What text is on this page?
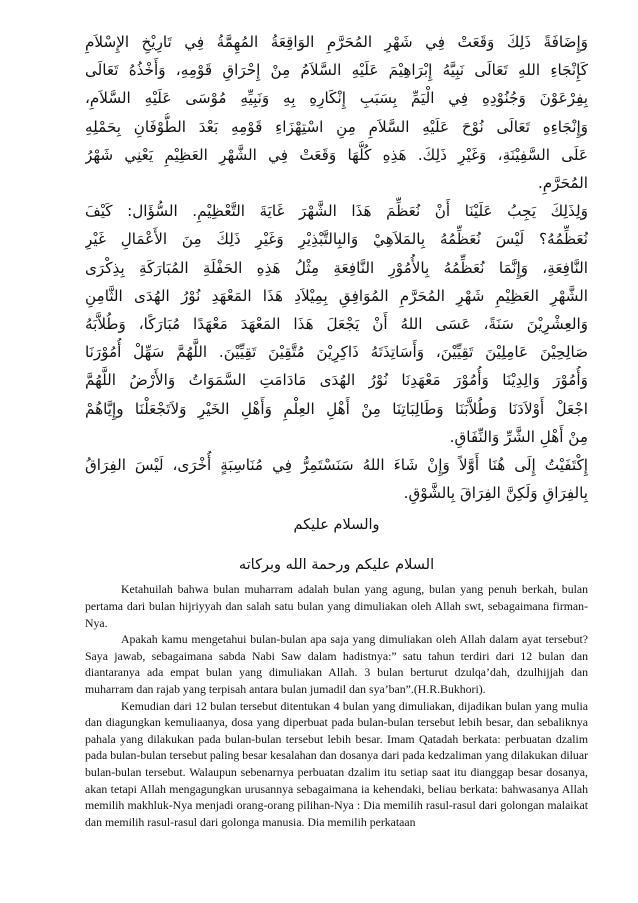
وَإِضَافَةً ذَلِكَ وَقَعَتْ فِي شَهْرِ المُحَرَّمِ الوَاقِعَةُ المُهِمَّةُ فِي تَارِيْخِ الإِسْلاَمِ
كَإِنْجَاءِ اللهِ تَعَالَى نَبِيَّهُ إِبْرَاهِيْمَ عَلَيْهِ السَّلاَمُ مِنْ إِحْرَاقِ قَوْمِهِ، وَأَخْذُهُ تَعَالَى
بِفِرْعَوْنَ وَجُنُوْدِهِ فِي الْيَمِّ بِسَبَبِ إِنْكَارِهِ بِهِ وَنَبِيِّهِ مُوْسَى عَلَيْهِ السَّلاَمِ،
وَإِنْجَاءِهِ تَعَالَى نُوْحَ عَلَيْهِ السَّلاَمِ مِنِ اسْتِهْزَاءِ قَوْمِهِ بَعْدَ الطُّوْفَانِ بِحَمْلِهِ
عَلَى السَّفِيْنَةِ، وَغَيْرِ ذَلِكَ. هَذِهِ كُلُّهَا وَقَعَتْ فِي الشَّهْرِ العَظِيْمِ يَعْنِي شَهْرُ
المُحَرَّمِ.
وَلِذَلِكَ يَجِبُ عَلَيْنَا أَنْ نُعَظِّمَ هَذَا الشَّهْرَ غَايَةَ التَّعْظِيْمِ. السُّؤَال: كَيْفَ
نُعَظِّمُهُ؟ لَيْسَ نُعَظِّمُهُ بِالمَلاَهِيْ وَالبِالتَّبْذِيْرِ وَغَيْرِ ذَلِكَ مِنَ الأَعْمَالِ غَيْرِ
النَّافِعَةِ، وَإِنَّمَا نُعَظِّمُهُ بِالأُمُوْرِ النَّافِعَةِ مِثْلُ هَذِهِ الحَفْلَةِ المُبَارَكَةِ بِذِكْرَى
الشَّهْرِ العَظِيْمِ شَهْرِ المُحَرَّمِ المُوَافِقِ بِمِيْلاَدِ هَذَا المَعْهَدِ نُوْرُ الهُدَى الثَّامِنِ
وَالعِشْرِيْنَ سَنَةً، عَسَى اللهُ أَنْ يَجْعَلَ هَذَا المَعْهَدَ مَعْهَدًا مُبَارَكًا، وَطُلاَّبَهُ
صَالِحِيْنَ عَامِلِيْنَ تَقِيِّيْنَ، وَأَسَاتِذَتَهُ ذَاكِرِيْنَ مُتَّقِيْنَ تَقِيِّيْنَ. اللَّهُمَّ سَهِّلْ أُمُوْرَنَا
وَأُمُوْرَ وَالِدِيْنَا وَأُمُوْرَ مَعْهَدِنَا نُوْرُ الهُدَى مَادَامَتِ السَّمَوَاتُ وَالأَرْضُ اللَّهُمَّ
اجْعَلْ أَوْلاَدَنَا وَطُلاَّبَنَا وَطَالِبَاتِنَا مِنْ أَهْلِ العِلْمِ وَأَهْلِ الخَيْرِ وَلاَتَجْعَلْنَا وإِيَّاهُمْ
مِنْ أَهْلِ الشَّرِّ وَالنِّفَاقِ.
إِكْتَفَيْتُ إِلَى هُنَا أَوَّلاً وَإِنْ شَاءَ اللهُ سَنَسْتَمِرُّ فِي مُنَاسِبَةٍ أُخْرَى، لَيْسَ الفِرَاقُ
بِالفِرَاقِ وَلَكِنَّ الفِرَاقَ بِالشَّوْقِ.
والسلام عليكم
السلام عليكم ورحمة الله وبركاته

Ketahuilah bahwa bulan muharram adalah bulan yang agung, bulan yang penuh berkah, bulan pertama dari bulan hijriyyah dan salah satu bulan yang dimuliakan oleh Allah swt, sebagaimana firman-Nya.

Apakah kamu mengetahui bulan-bulan apa saja yang dimuliakan oleh Allah dalam ayat tersebut? Saya jawab, sebagaimana sabda Nabi Saw dalam hadistnya:” satu tahun terdiri dari 12 bulan dan diantaranya ada empat bulan yang dimuliakan Allah. 3 bulan berturut dzulqa’dah, dzulhijjah dan muharram dan rajab yang terpisah antara bulan jumadil dan sya’ban”.(H.R.Bukhori).

Kemudian dari 12 bulan tersebut ditentukan 4 bulan yang dimuliakan, dijadikan bulan yang mulia dan diagungkan kemuliaanya, dosa yang diperbuat pada bulan-bulan tersebut lebih besar, dan sebaliknya pahala yang dilakukan pada bulan-bulan tersebut lebih besar. Imam Qatadah berkata: perbuatan dzalim pada bulan-bulan tersebut paling besar kesalahan dan dosanya dari pada kedzaliman yang dilakukan diluar bulan-bulan tersebut. Walaupun sebenarnya perbuatan dzalim itu setiap saat itu dianggap besar dosanya, akan tetapi Allah mengagungkan urusannya sebagaimana ia kehendaki, beliau berkata: bahwasanya Allah memilih makhluk-Nya menjadi orang-orang pilihan-Nya : Dia memilih rasul-rasul dari golongan malaikat dan memilih rasul-rasul dari golonga manusia. Dia memilih perkataan
